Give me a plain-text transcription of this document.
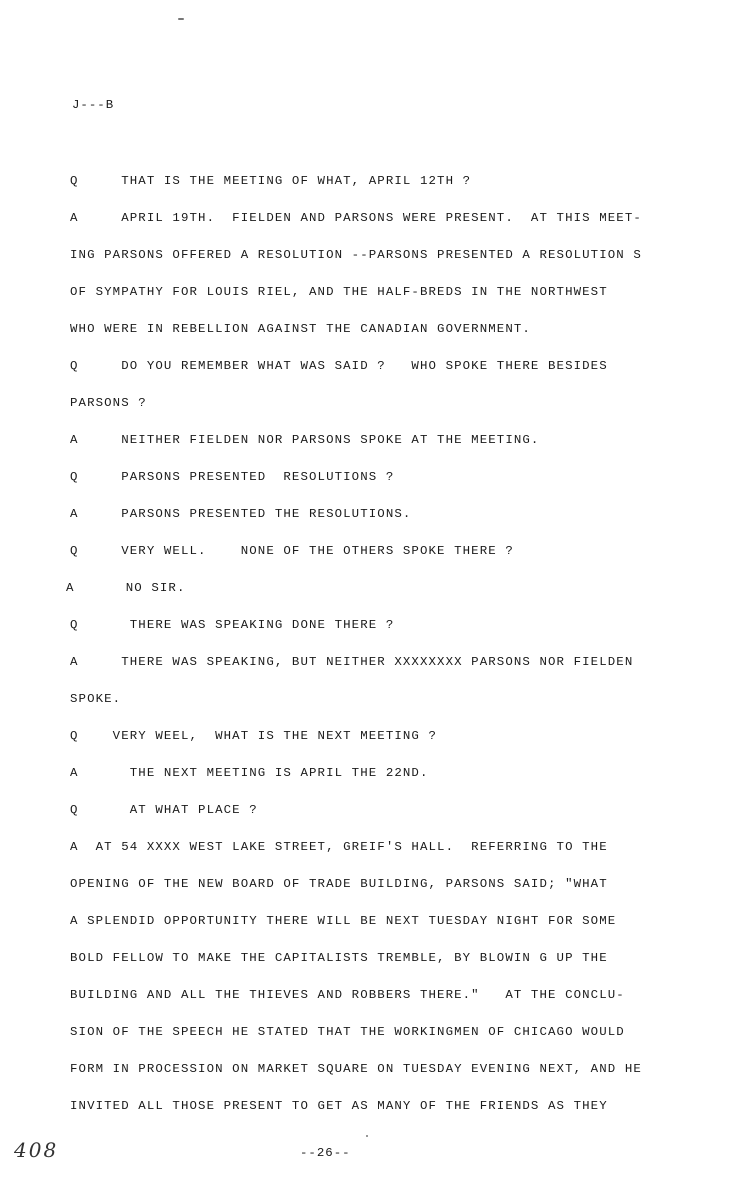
J---B
Q     THAT IS THE MEETING OF WHAT, APRIL 12TH ?
A     APRIL 19TH.  FIELDEN AND PARSONS WERE PRESENT.  AT THIS MEET-
ING PARSONS OFFERED A RESOLUTION --PARSONS PRESENTED A RESOLUTION S
OF SYMPATHY FOR LOUIS RIEL, AND THE HALF-BREDS IN THE NORTHWEST
WHO WERE IN REBELLION AGAINST THE CANADIAN GOVERNMENT.
Q     DO YOU REMEMBER WHAT WAS SAID ?   WHO SPOKE THERE BESIDES
PARSONS ?
A     NEITHER FIELDEN NOR PARSONS SPOKE AT THE MEETING.
Q     PARSONS PRESENTED  RESOLUTIONS ?
A     PARSONS PRESENTED THE RESOLUTIONS.
Q     VERY WELL.    NONE OF THE OTHERS SPOKE THERE ?
A      NO SIR.
Q      THERE WAS SPEAKING DONE THERE ?
A     THERE WAS SPEAKING, BUT NEITHER XXXXXXXX PARSONS NOR FIELDEN
SPOKE.
Q    VERY WEEL,  WHAT IS THE NEXT MEETING ?
A      THE NEXT MEETING IS APRIL THE 22ND.
Q      AT WHAT PLACE ?
A  AT 54 XXXX WEST LAKE STREET, GREIF'S HALL.  REFERRING TO THE
OPENING OF THE NEW BOARD OF TRADE BUILDING, PARSONS SAID; "WHAT
A SPLENDID OPPORTUNITY THERE WILL BE NEXT TUESDAY NIGHT FOR SOME
BOLD FELLOW TO MAKE THE CAPITALISTS TREMBLE, BY BLOWIN G UP THE
BUILDING AND ALL THE THIEVES AND ROBBERS THERE."   AT THE CONCLU-
SION OF THE SPEECH HE STATED THAT THE WORKINGMEN OF CHICAGO WOULD
FORM IN PROCESSION ON MARKET SQUARE ON TUESDAY EVENING NEXT, AND HE
INVITED ALL THOSE PRESENT TO GET AS MANY OF THE FRIENDS AS THEY
--26--
408
